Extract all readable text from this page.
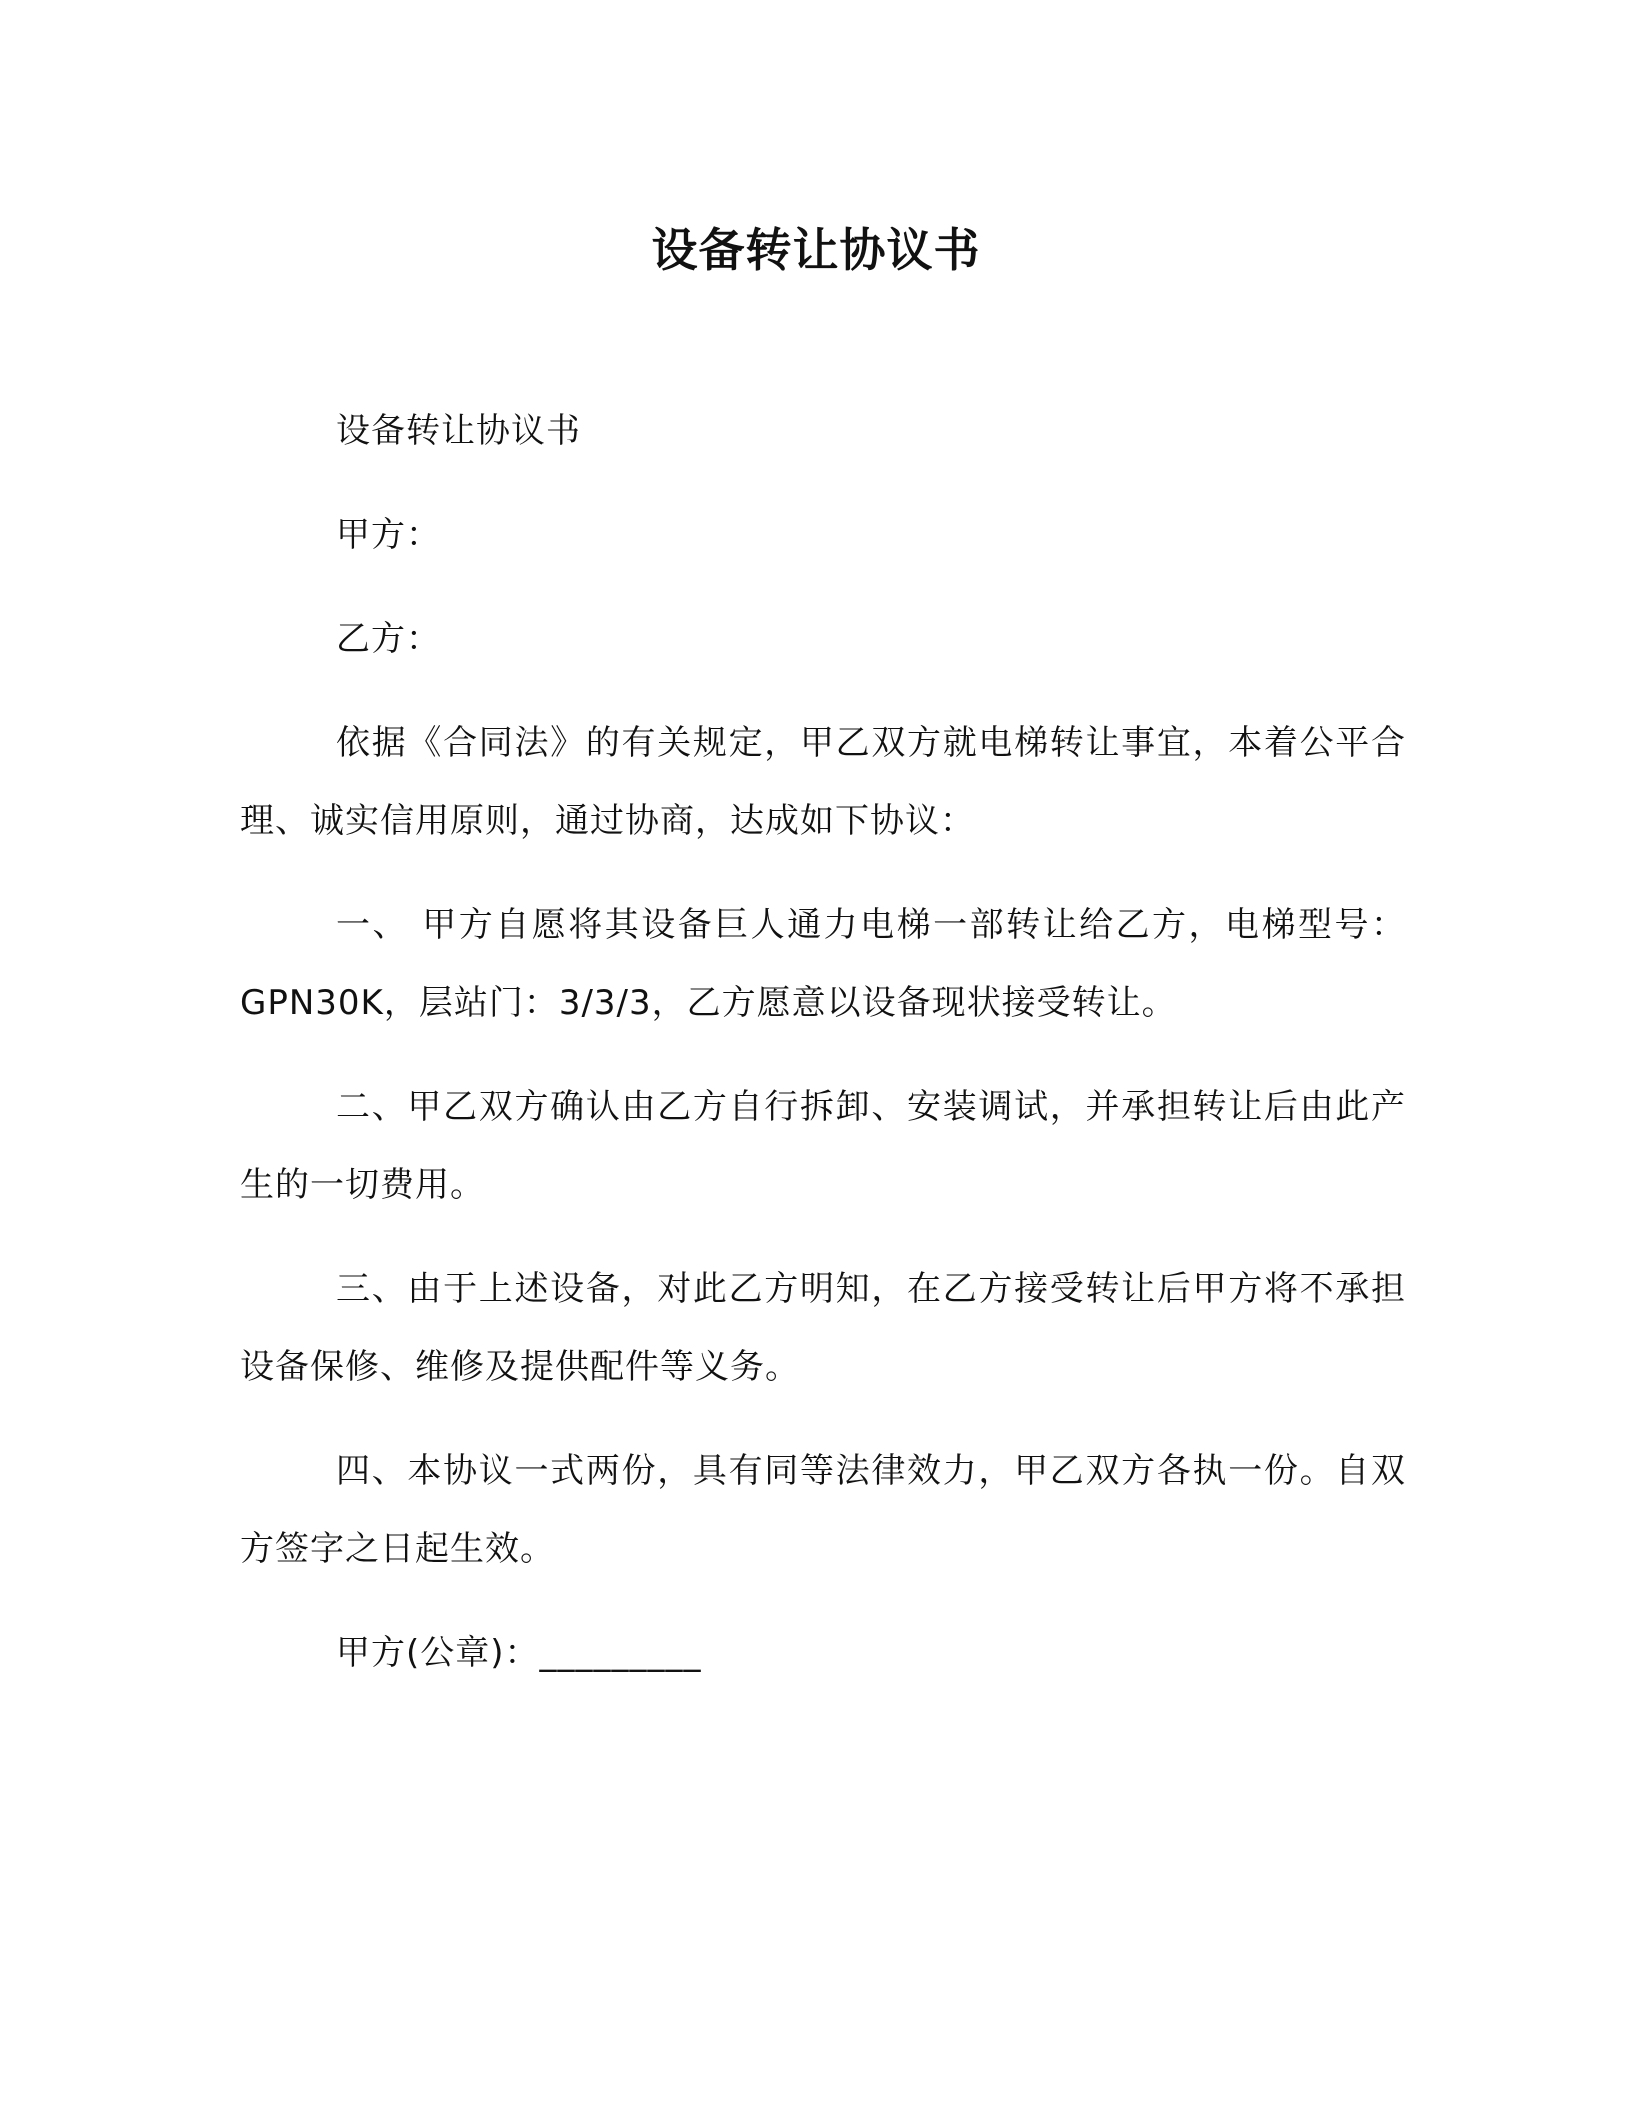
设备转让协议书

设备转让协议书

甲方：

乙方：

依据《合同法》的有关规定，甲乙双方就电梯转让事宜，本着公平合理、诚实信用原则，通过协商，达成如下协议：

一、 甲方自愿将其设备巨人通力电梯一部转让给乙方，电梯型号：GPN30K，层站门：3/3/3，乙方愿意以设备现状接受转让。

二、甲乙双方确认由乙方自行拆卸、安装调试，并承担转让后由此产生的一切费用。

三、由于上述设备，对此乙方明知，在乙方接受转让后甲方将不承担设备保修、维修及提供配件等义务。

四、本协议一式两份，具有同等法律效力，甲乙双方各执一份。自双方签字之日起生效。

甲方(公章)：_________
